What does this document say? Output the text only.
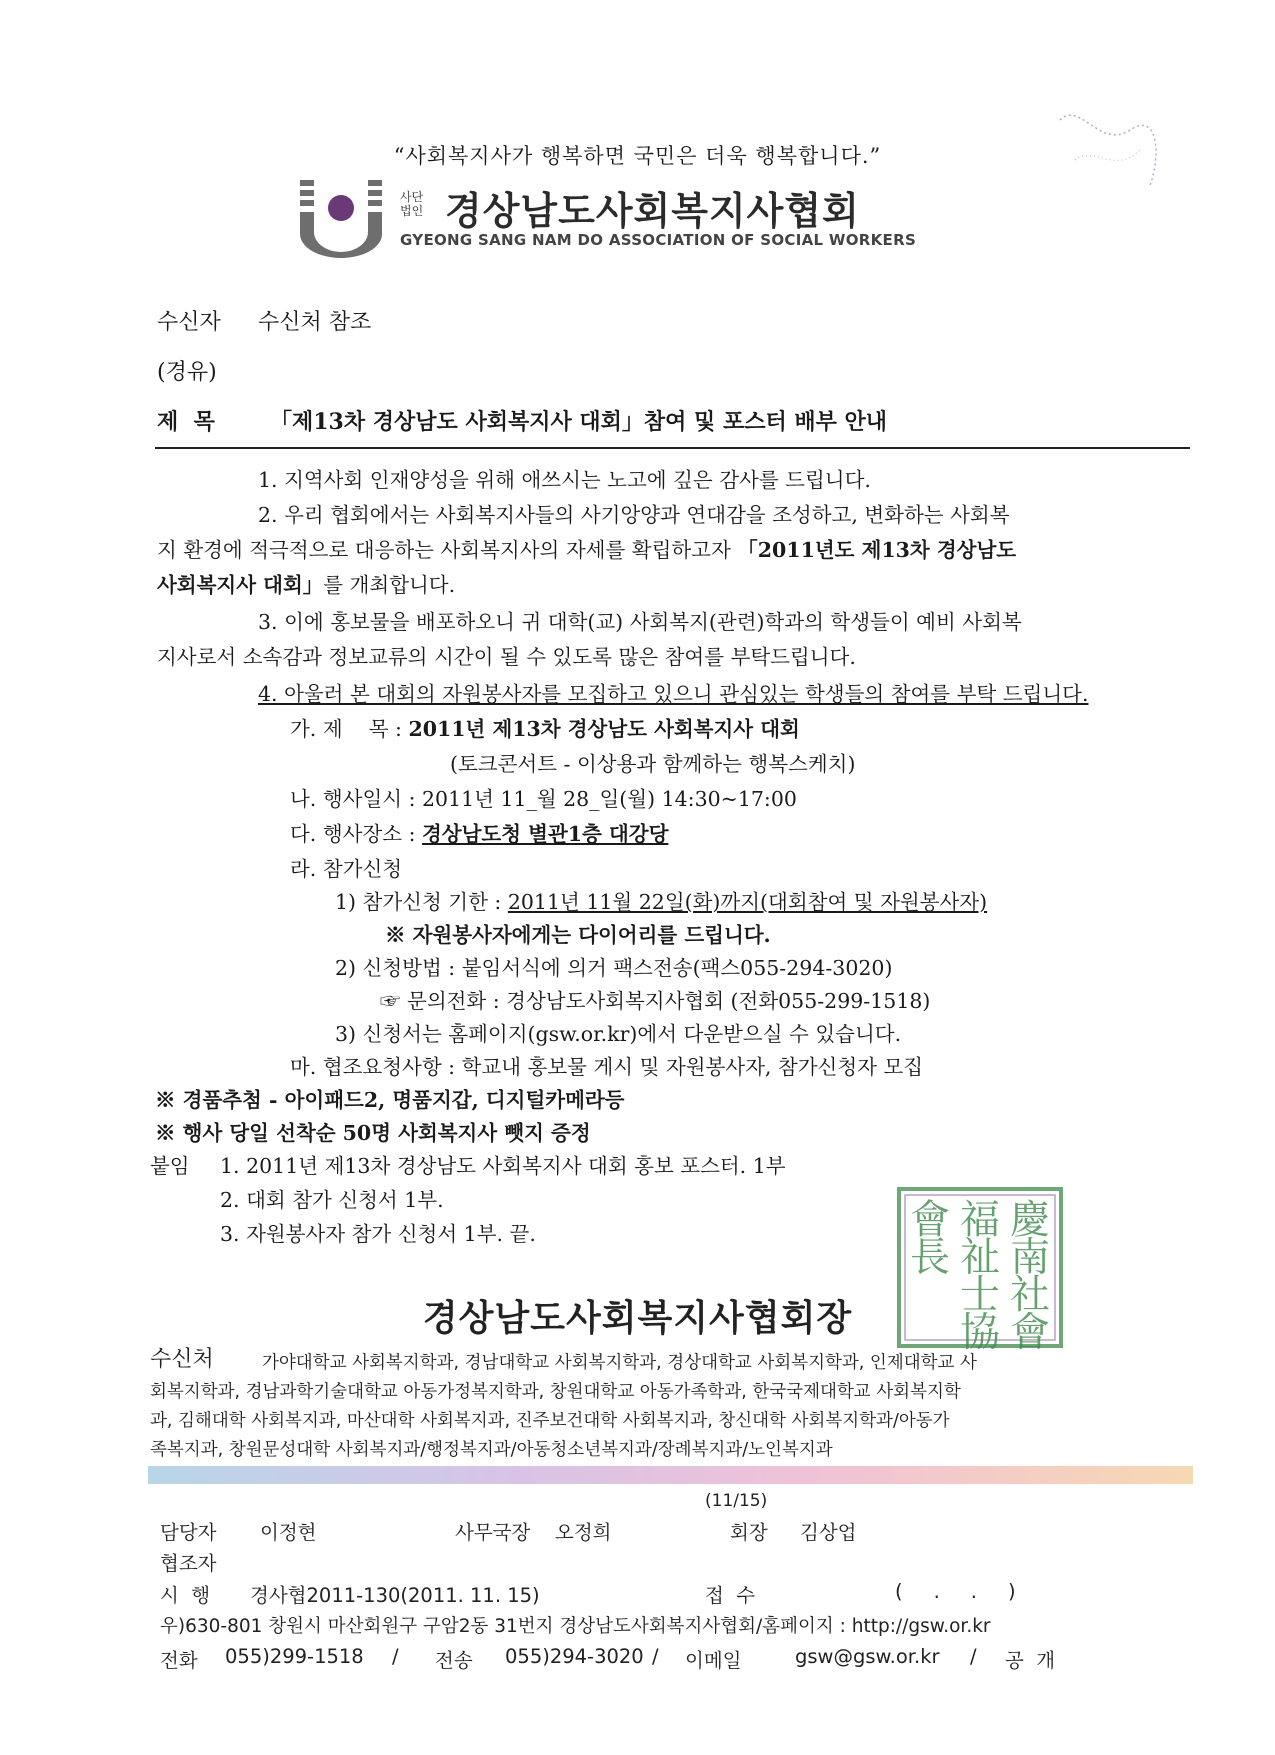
“사회복지사가 행복하면 국민은 더욱 행복합니다.”
사단
법인 경상남도사회복지사협회
GYEONG SANG NAM DO ASSOCIATION OF SOCIAL WORKERS
수신자 수신처 참조
(경유)
제  목	「제13차 경상남도 사회복지사 대회」참여 및 포스터 배부 안내
1. 지역사회 인재양성을 위해 애쓰시는 노고에 깊은 감사를 드립니다.
2. 우리 협회에서는 사회복지사들의 사기앙양과 연대감을 조성하고, 변화하는 사회복
지 환경에 적극적으로 대응하는 사회복지사의 자세를 확립하고자 「2011년도 제13차 경상남도
사회복지사 대회」를 개최합니다.
3. 이에 홍보물을 배포하오니 귀 대학(교) 사회복지(관련)학과의 학생들이 예비 사회복
지사로서 소속감과 정보교류의 시간이 될 수 있도록 많은 참여를 부탁드립니다.
4. 아울러 본 대회의 자원봉사자를 모집하고 있으니 관심있는 학생들의 참여를 부탁 드립니다.
가. 제    목 : 2011년 제13차 경상남도 사회복지사 대회
(토크콘서트 - 이상용과 함께하는 행복스케치)
나. 행사일시 : 2011년 11_월 28_일(월) 14:30~17:00
다. 행사장소 : 경상남도청 별관1층 대강당
라. 참가신청
1) 참가신청 기한 : 2011년 11월 22일(화)까지(대회참여 및 자원봉사자)
※ 자원봉사자에게는 다이어리를 드립니다.
2) 신청방법 : 붙임서식에 의거 팩스전송(팩스055-294-3020)
☞ 문의전화 : 경상남도사회복지사협회 (전화055-299-1518)
3) 신청서는 홈페이지(gsw.or.kr)에서 다운받으실 수 있습니다.
마. 협조요청사항 : 학교내 홍보물 게시 및 자원봉사자, 참가신청자 모집
※ 경품추첨 - 아이패드2, 명품지갑, 디지털카메라등
※ 행사 당일 선착순 50명 사회복지사 뺏지 증정
붙임 1. 2011년 제13차 경상남도 사회복지사 대회 홍보 포스터. 1부
2. 대회 참가 신청서 1부.
3. 자원봉사자 참가 신청서 1부. 끝.
경상남도사회복지사협회장
會 福 慶
長 祉 南
士 社
協 會
수신처	가야대학교 사회복지학과, 경남대학교 사회복지학과, 경상대학교 사회복지학과, 인제대학교 사
회복지학과, 경남과학기술대학교 아동가정복지학과, 창원대학교 아동가족학과, 한국국제대학교 사회복지학
과, 김해대학 사회복지과, 마산대학 사회복지과, 진주보건대학 사회복지과, 창신대학 사회복지학과/아동가
족복지과, 창원문성대학 사회복지과/행정복지과/아동청소년복지과/장례복지과/노인복지과
(11/15)
담당자 이정현	사무국장 오정희	회장 김상업
협조자
시  행 경사협2011-130(2011. 11. 15)	접  수	(     .     .     )
우)630-801 창원시 마산회원구 구암2동 31번지 경상남도사회복지사협회/홈페이지 : http://gsw.or.kr
전화 055)299-1518 / 전송 055)294-3020 / 이메일	gsw@gsw.or.kr / 공  개
